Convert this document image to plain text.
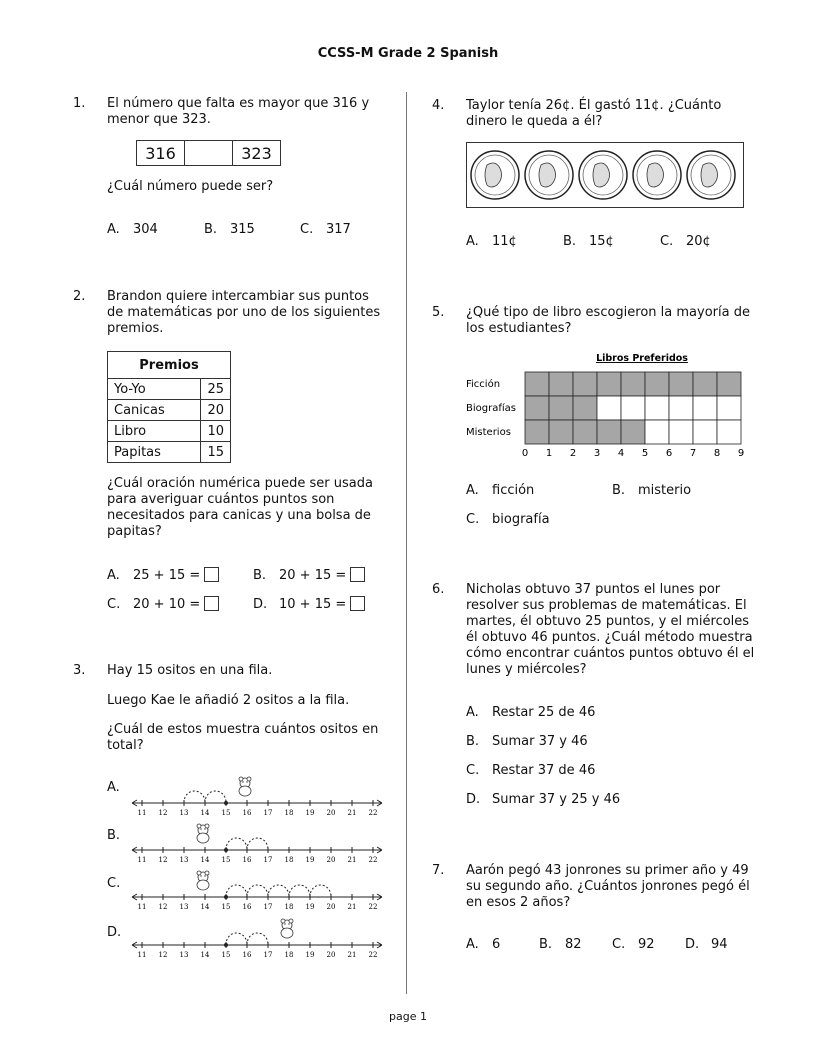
CCSS-M Grade 2 Spanish
1.	El número que falta es mayor que 316 y menor que 323.
316		323
¿Cuál número puede ser?
A. 304	B. 315	C. 317
2.	Brandon quiere intercambiar sus puntos de matemáticas por uno de los siguientes premios.
Premios	
Yo-Yo	25
Canicas	20
Libro	10
Papitas	15
¿Cuál oración numérica puede ser usada para averiguar cuántos puntos son necesitados para canicas y una bolsa de papitas?
A. 25 + 15 =	B. 20 + 15 =
C. 20 + 10 =	D. 10 + 15 =
3.	Hay 15 ositos en una fila.
Luego Kae le añadió 2 ositos a la fila.
¿Cuál de estos muestra cuántos ositos en total?
A.
B.
C.
D.
11 12 13 14 15 16 17 18 19 20 21 22
11 12 13 14 15 16 17 18 19 20 21 22
11 12 13 14 15 16 17 18 19 20 21 22
11 12 13 14 15 16 17 18 19 20 21 22
4.	Taylor tenía 26¢. Él gastó 11¢. ¿Cuánto dinero le queda a él?
A. 11¢	B. 15¢	C. 20¢
5.	¿Qué tipo de libro escogieron la mayoría de los estudiantes?
Libros Preferidos
Ficción
Biografías
Misterios
0 1 2 3 4 5 6 7 8 9
A. ficción	B. misterio
C. biografía
6.	Nicholas obtuvo 37 puntos el lunes por resolver sus problemas de matemáticas. El martes, él obtuvo 25 puntos, y el miércoles él obtuvo 46 puntos. ¿Cuál método muestra cómo encontrar cuántos puntos obtuvo él el lunes y miércoles?
A. Restar 25 de 46
B. Sumar 37 y 46
C. Restar 37 de 46
D. Sumar 37 y 25 y 46
7.	Aarón pegó 43 jonrones su primer año y 49 su segundo año. ¿Cuántos jonrones pegó él en esos 2 años?
A. 6	B. 82 C. 92 D. 94
page 1
